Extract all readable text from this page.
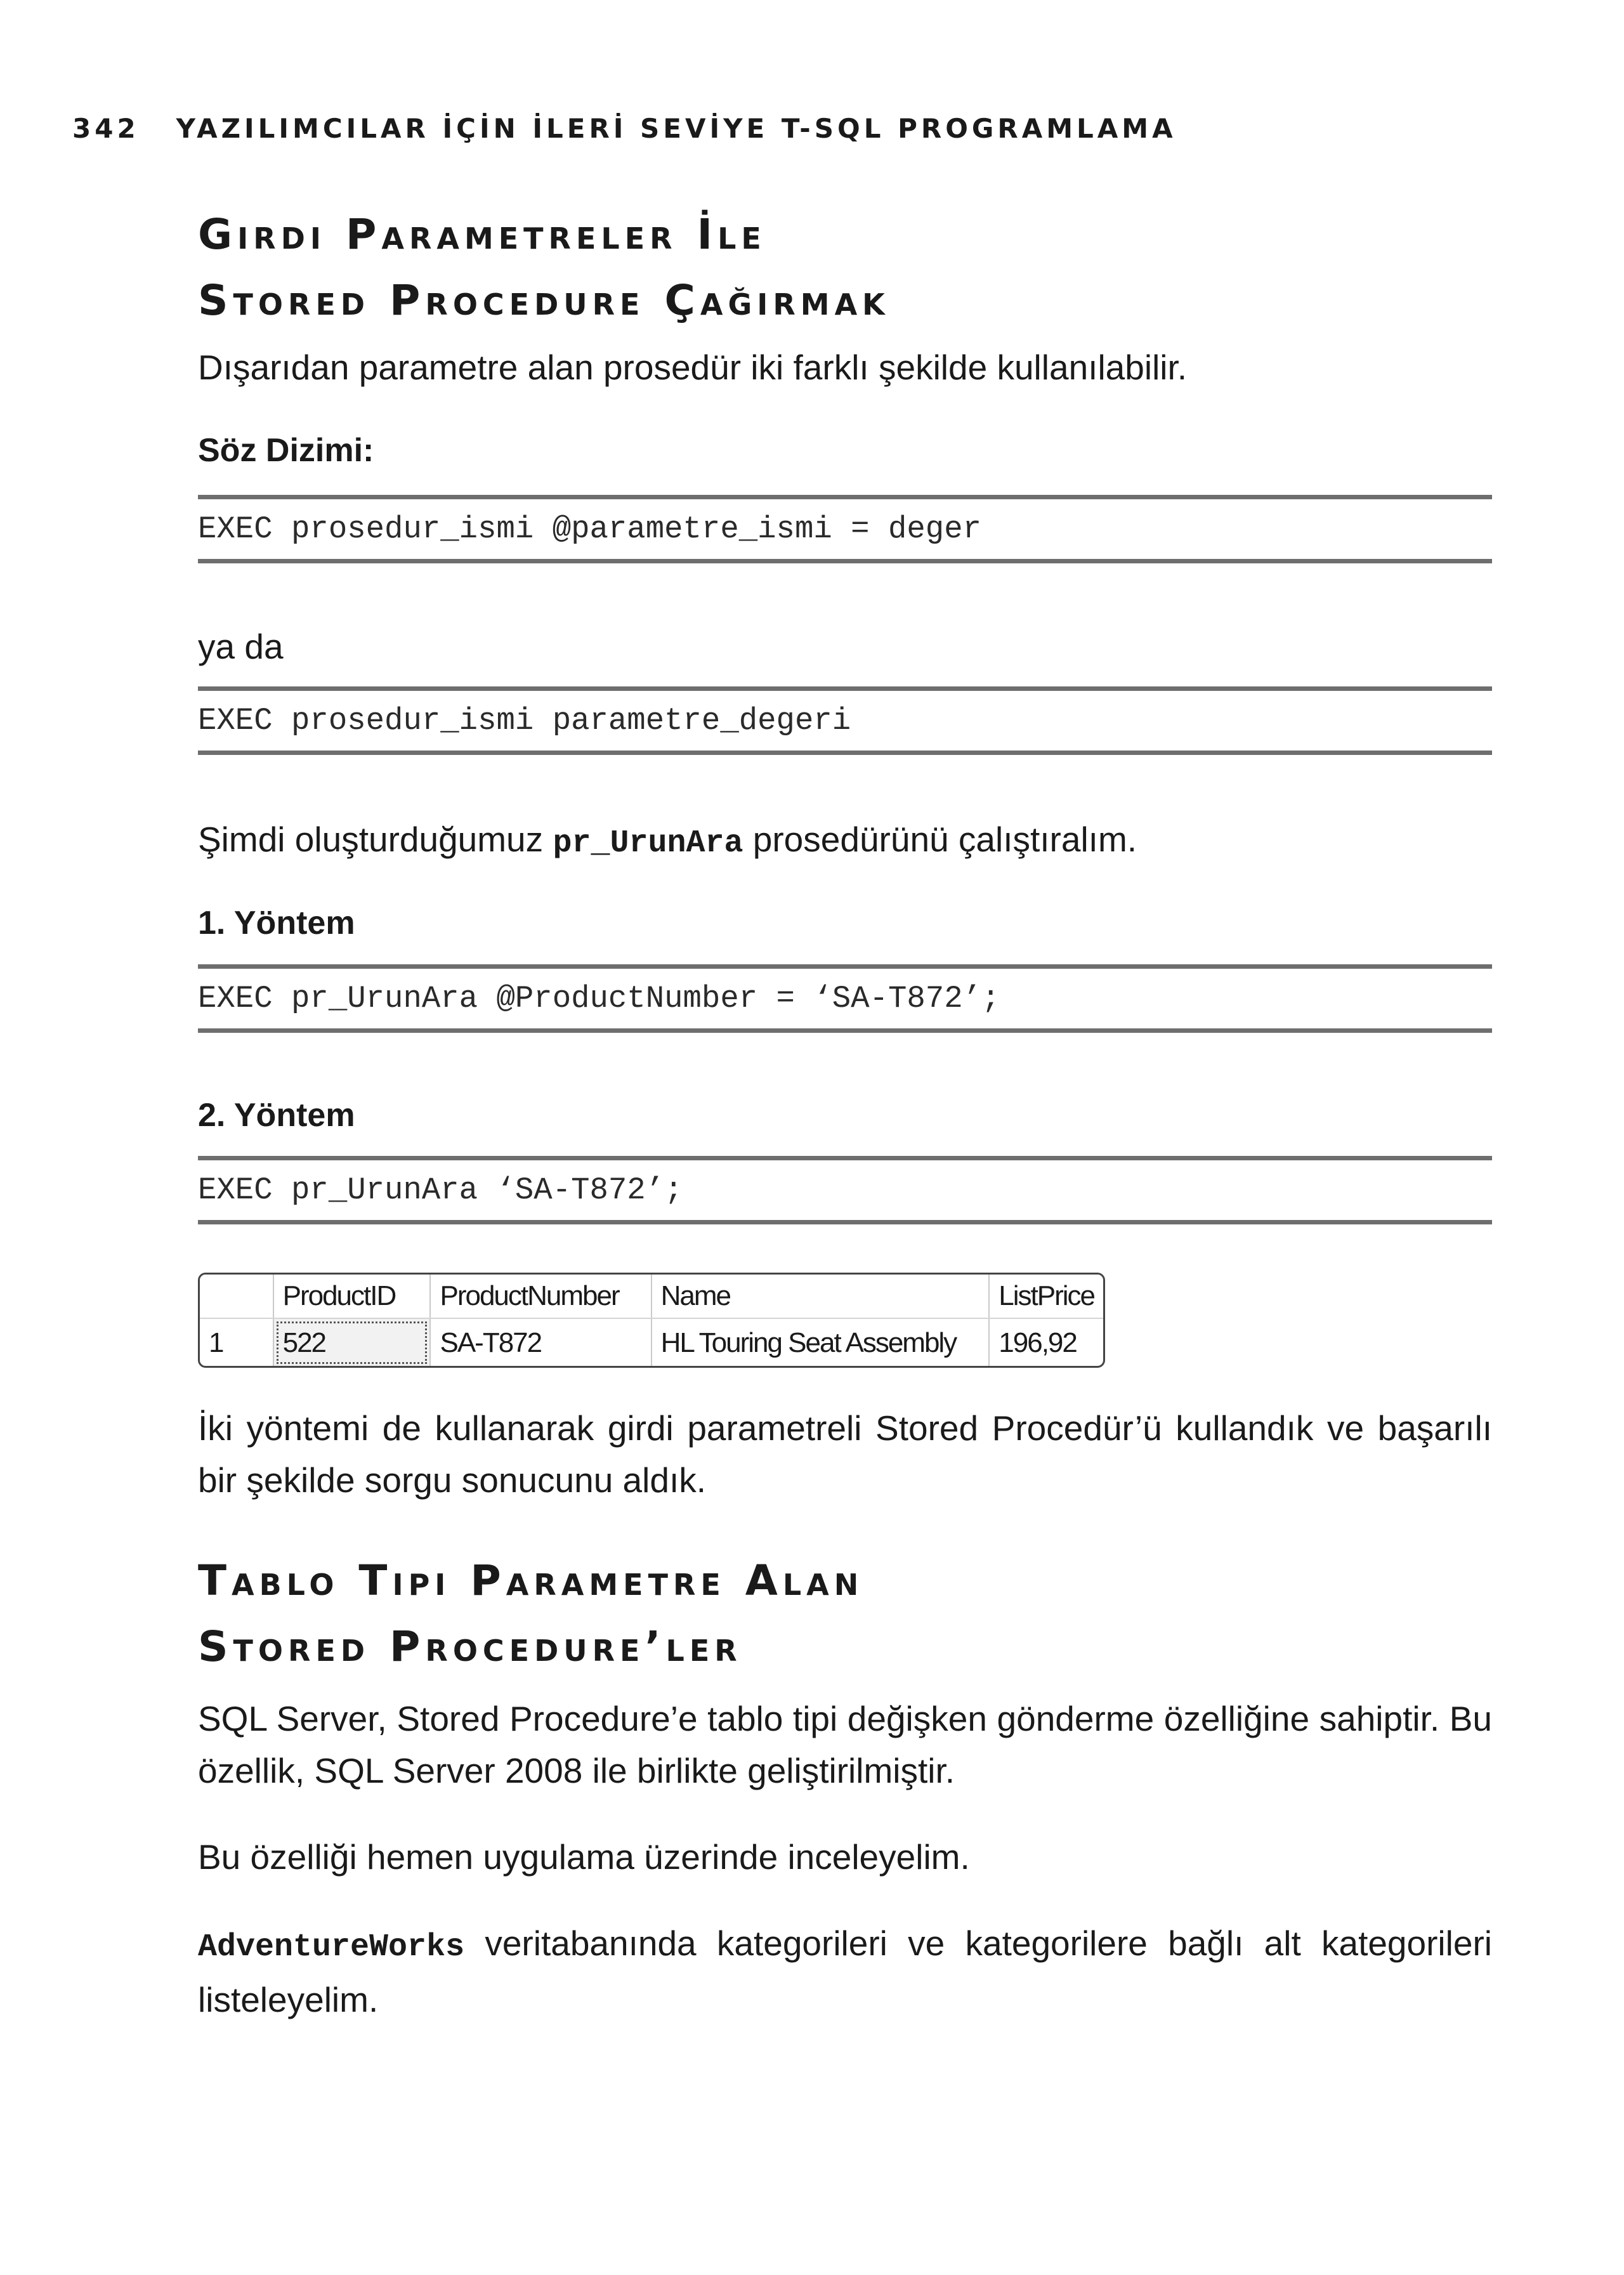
342 YAZILIMCILAR İÇİN İLERİ SEVİYE T-SQL PROGRAMLAMA
Girdi Parametreler İle
Stored Procedure Çağırmak

Dışarıdan parametre alan prosedür iki farklı şekilde kullanılabilir.

Söz Dizimi:

EXEC prosedur_ismi @parametre_ismi = deger

ya da

EXEC prosedur_ismi parametre_degeri

Şimdi oluşturduğumuz pr_UrunAra prosedürünü çalıştıralım.

1. Yöntem

EXEC pr_UrunAra @ProductNumber = ‘SA-T872’;

2. Yöntem

EXEC pr_UrunAra ‘SA-T872’;
	ProductID	ProductNumber	Name	ListPrice
1	522	SA-T872	HL Touring Seat Assembly	196,92

İki yöntemi de kullanarak girdi parametreli Stored Procedür’ü kullandık ve başarılı bir şekilde sorgu sonucunu aldık.

Tablo Tipi Parametre Alan
Stored Procedure’ler

SQL Server, Stored Procedure’e tablo tipi değişken gönderme özelliğine sahiptir. Bu özellik, SQL Server 2008 ile birlikte geliştirilmiştir.

Bu özelliği hemen uygulama üzerinde inceleyelim.

AdventureWorks veritabanında kategorileri ve kategorilere bağlı alt kategorileri listeleyelim.
